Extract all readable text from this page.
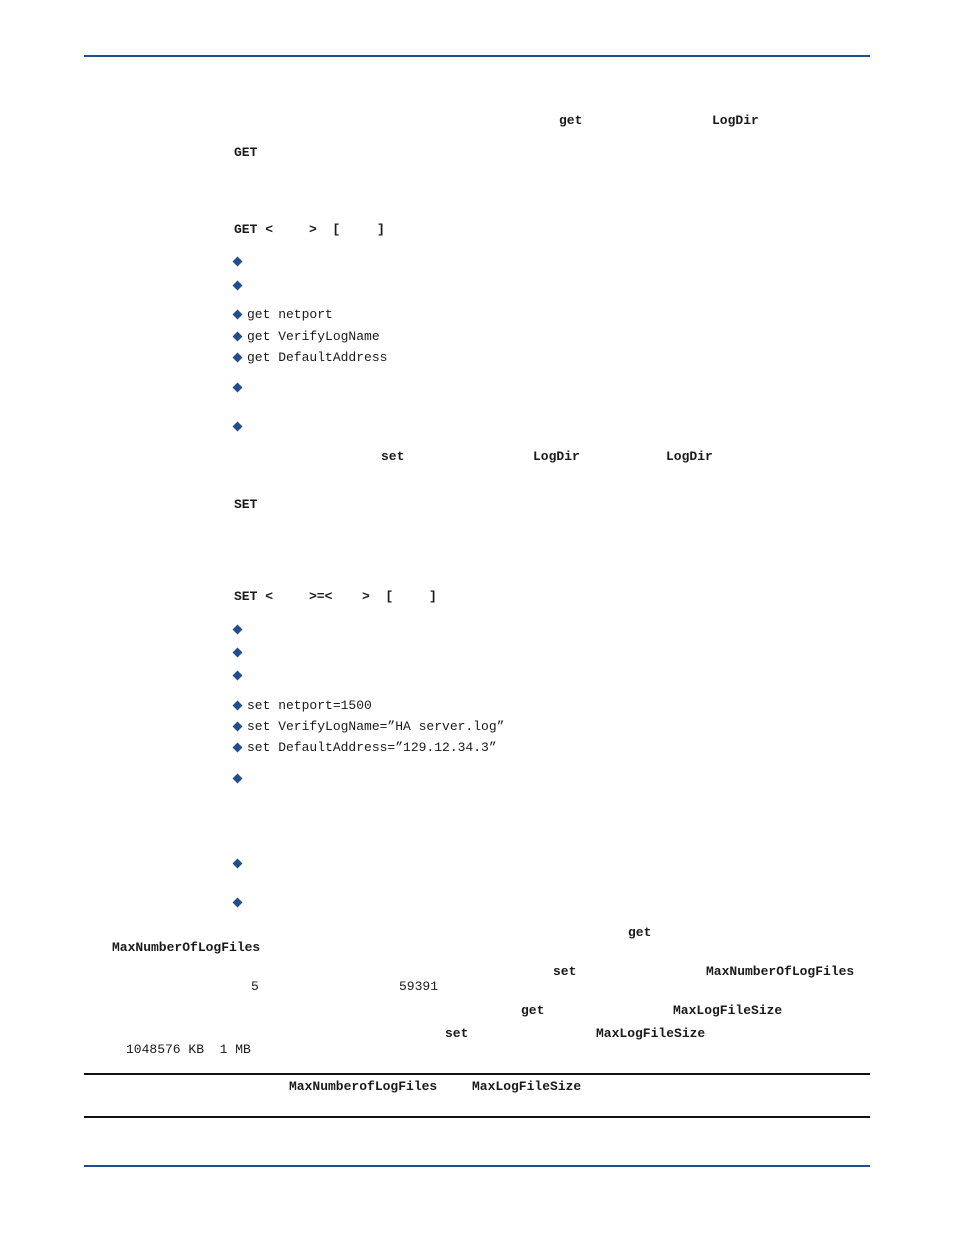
get	LogDir
GET
GET <	>  [	]
get netport
get VerifyLogName
get DefaultAddress
set	LogDir	LogDir
SET
SET <	>=< >  [	]
set netport=1500
set VerifyLogName=”HA server.log”
set DefaultAddress=”129.12.34.3”
get
MaxNumberOfLogFiles
set	MaxNumberOfLogFiles
5	59391
get	MaxLogFileSize
set	MaxLogFileSize
1048576 KB  1 MB
MaxNumberofLogFiles	MaxLogFileSize
